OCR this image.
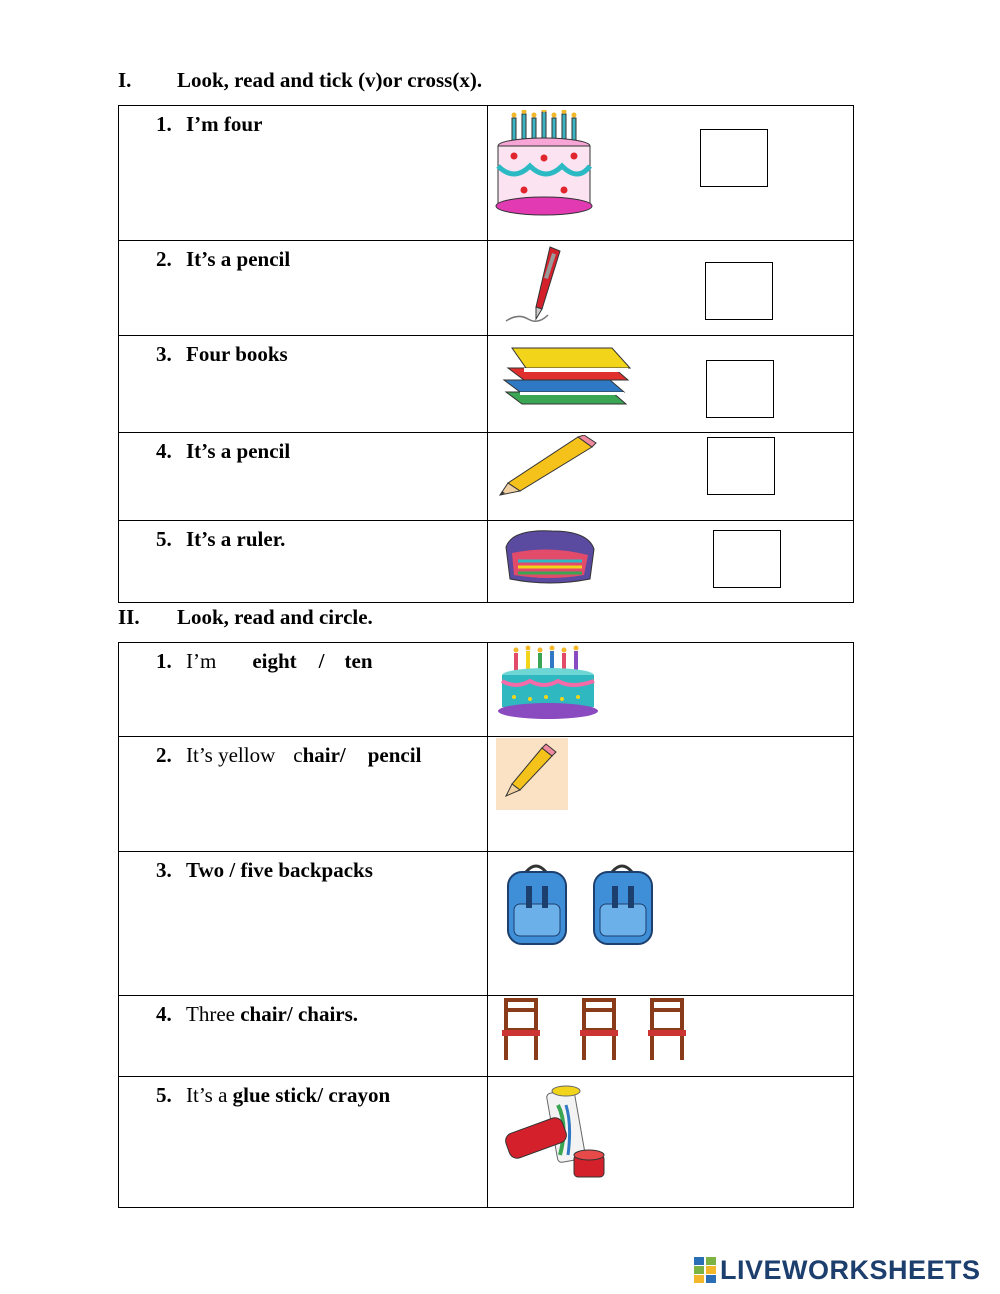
I. Look, read and tick (v)or cross(x).
1. I’m four

2. It’s a pencil

3. Four books

4. It’s a pencil

5. It’s a ruler.

II. Look, read and circle.
1. I’m eight / ten

2. It’s yellow chair/ pencil

3. Two / five backpacks

4. Three chair/ chairs.

5. It’s a glue stick/ crayon

LIVEWORKSHEETS
